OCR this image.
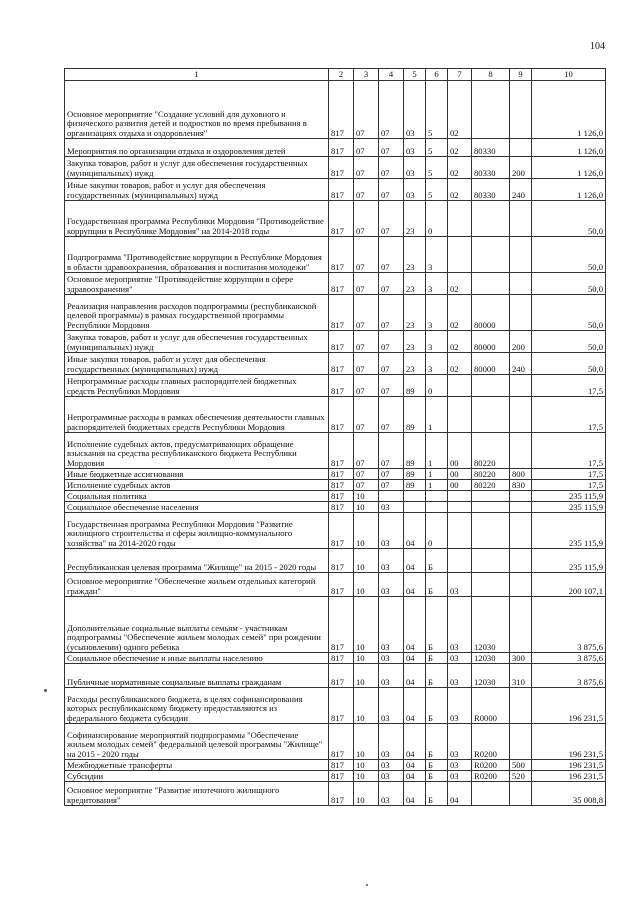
104
1	2	3	4	5	6	7	8	9	10
Основное мероприятие "Создание условий для духовного и физического развития детей и подростков во время пребывания в организациях отдыха и оздоровления"	817	07	07	03	5	02			1 126,0
Мероприятия по организации отдыха и оздоровления детей	817	07	07	03	5	02	80330		1 126,0
Закупка товаров, работ и услуг для обеспечения государственных (муниципальных) нужд	817	07	07	03	5	02	80330	200	1 126,0
Иные закупки товаров, работ и услуг для обеспечения государственных (муниципальных) нужд	817	07	07	03	5	02	80330	240	1 126,0
Государственная программа Республики Мордовия "Противодействие коррупции в Республике Мордовия" на 2014-2018 годы	817	07	07	23	0				50,0
Подпрограмма "Противодействие коррупции в Республике Мордовия в области здравоохранения, образования и воспитания молодежи"	817	07	07	23	3				50,0
Основное мероприятие "Противодействие коррупции в сфере здравоохранения"	817	07	07	23	3	02			50,0
Реализация направления расходов подпрограммы (республиканской целевой программы) в рамках государственной программы Республики Мордовия	817	07	07	23	3	02	80000		50,0
Закупка товаров, работ и услуг для обеспечения государственных (муниципальных) нужд	817	07	07	23	3	02	80000	200	50,0
Иные закупки товаров, работ и услуг для обеспечения государственных (муниципальных) нужд	817	07	07	23	3	02	80000	240	50,0
Непрограммные расходы главных распорядителей бюджетных средств Республики Мордовия	817	07	07	89	0				17,5
Непрограммные расходы в рамках обеспечения деятельности главных распорядителей бюджетных средств Республики Мордовия	817	07	07	89	1				17,5
Исполнение судебных актов, предусматривающих обращение взыскания на средства республиканского бюджета Республики Мордовия	817	07	07	89	1	00	80220		17,5
Иные бюджетные ассигнования	817	07	07	89	1	00	80220	800	17,5
Исполнение судебных актов	817	07	07	89	1	00	80220	830	17,5
Социальная политика	817	10							235 115,9
Социальное обеспечение населения	817	10	03						235 115,9
Государственная программа Республики Мордовия "Развитие жилищного строительства и сферы жилищно-коммунального хозяйства" на 2014-2020 годы	817	10	03	04	0				235 115,9
Республиканская целевая программа "Жилище" на 2015 - 2020 годы	817	10	03	04	Б				235 115,9
Основное мероприятие "Обеспечение жильем отдельных категорий граждан"	817	10	03	04	Б	03			200 107,1
Дополнительные социальные выплаты семьям - участникам подпрограммы "Обеспечение жильем молодых семей" при рождении (усыновлении) одного ребенка	817	10	03	04	Б	03	12030		3 875,6
Социальное обеспечение и иные выплаты населению	817	10	03	04	Б	03	12030	300	3 875,6
Публичные нормативные социальные выплаты гражданам	817	10	03	04	Б	03	12030	310	3 875,6
Расходы республиканского бюджета, в целях софинансирования которых республиканскому бюджету предоставляются из федерального бюджета субсидии	817	10	03	04	Б	03	R0000		196 231,5
Софинансирование мероприятий подпрограммы "Обеспечение жильем молодых семей" федеральной целевой программы "Жилище" на 2015 - 2020 годы	817	10	03	04	Б	03	R0200		196 231,5
Межбюджетные трансферты	817	10	03	04	Б	03	R0200	500	196 231,5
Субсидии	817	10	03	04	Б	03	R0200	520	196 231,5
Основное мероприятие "Развитие ипотечного жилищного кредитования"	817	10	03	04	Б	04			35 008,8
